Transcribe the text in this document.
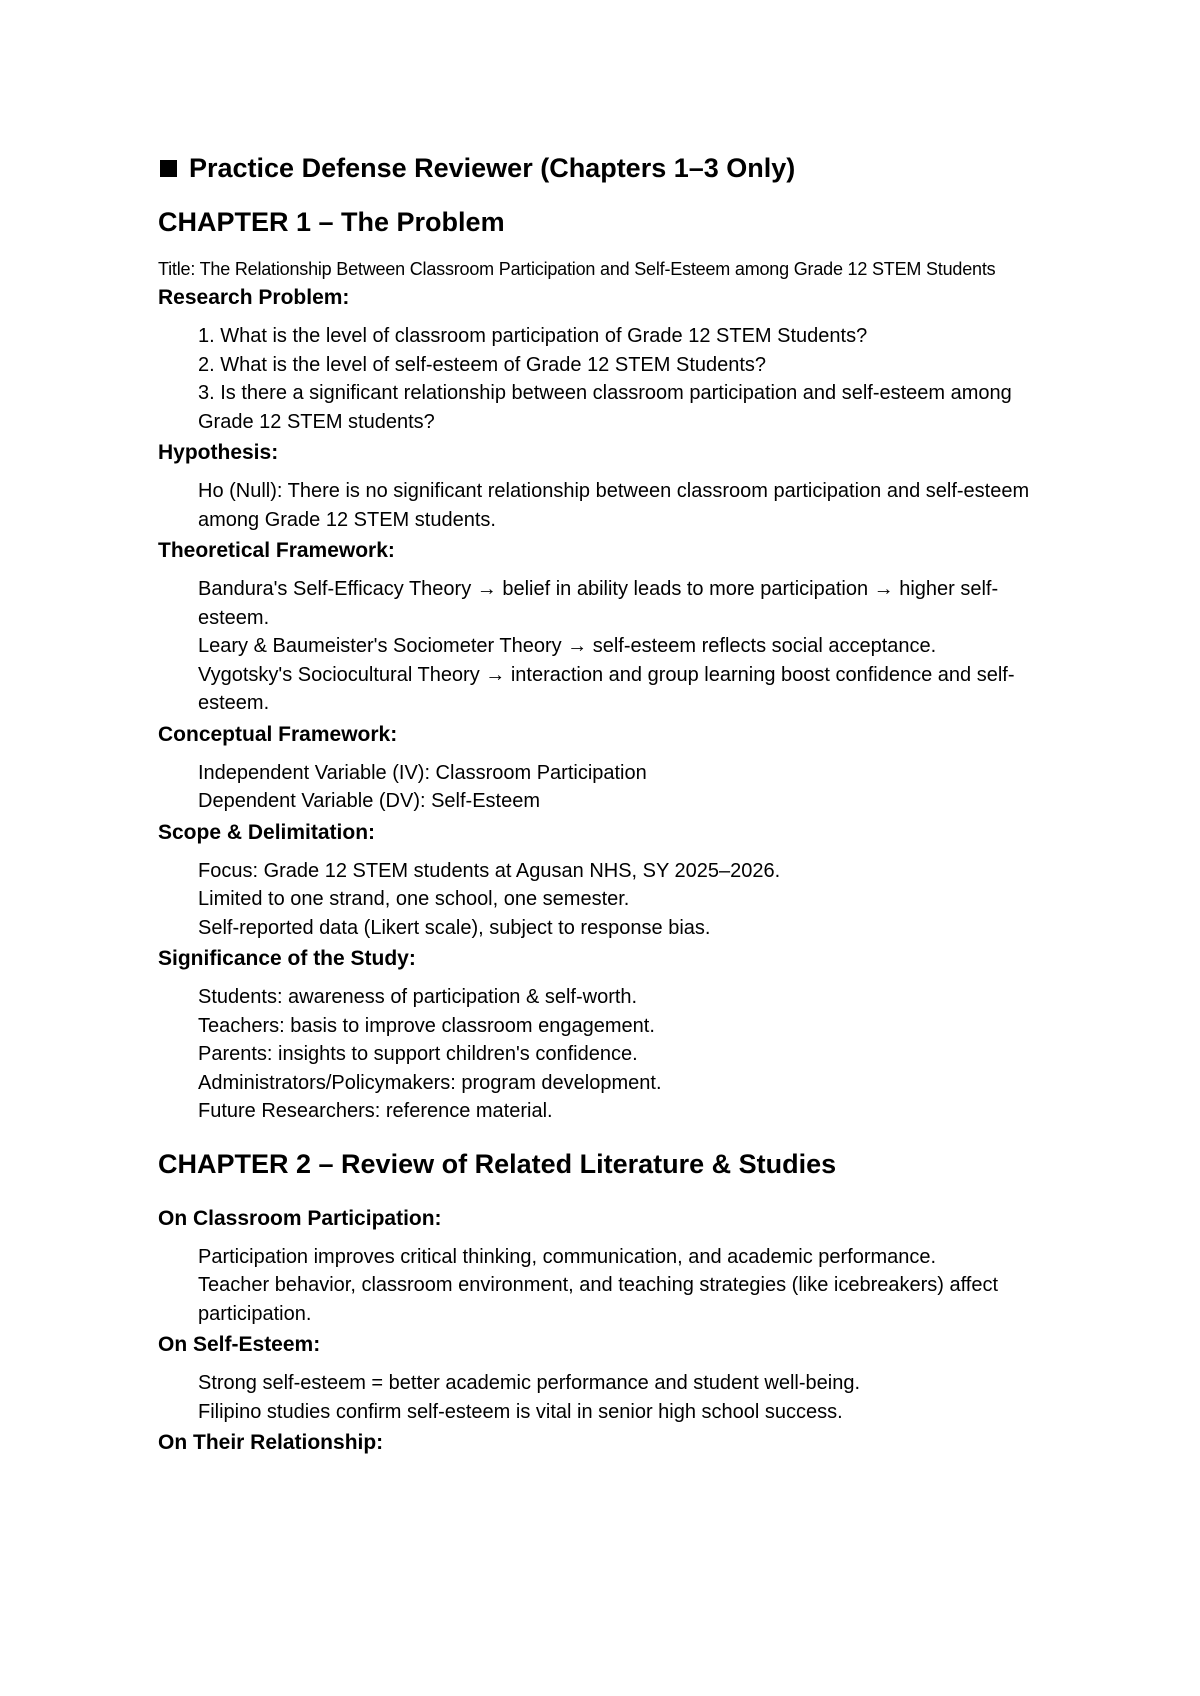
Practice Defense Reviewer (Chapters 1–3 Only)
CHAPTER 1 – The Problem

Title: The Relationship Between Classroom Participation and Self-Esteem among Grade 12 STEM Students

Research Problem:

1. What is the level of classroom participation of Grade 12 STEM Students?

2. What is the level of self-esteem of Grade 12 STEM Students?

3. Is there a significant relationship between classroom participation and self-esteem among Grade 12 STEM students?

Hypothesis:

Ho (Null): There is no significant relationship between classroom participation and self-esteem among Grade 12 STEM students.

Theoretical Framework:

Bandura's Self-Efficacy Theory → belief in ability leads to more participation → higher self-esteem.

Leary & Baumeister's Sociometer Theory → self-esteem reflects social acceptance.

Vygotsky's Sociocultural Theory → interaction and group learning boost confidence and self-esteem.

Conceptual Framework:

Independent Variable (IV): Classroom Participation

Dependent Variable (DV): Self-Esteem

Scope & Delimitation:

Focus: Grade 12 STEM students at Agusan NHS, SY 2025–2026.

Limited to one strand, one school, one semester.

Self-reported data (Likert scale), subject to response bias.

Significance of the Study:

Students: awareness of participation & self-worth.

Teachers: basis to improve classroom engagement.

Parents: insights to support children's confidence.

Administrators/Policymakers: program development.

Future Researchers: reference material.

CHAPTER 2 – Review of Related Literature & Studies
On Classroom Participation:

Participation improves critical thinking, communication, and academic performance.

Teacher behavior, classroom environment, and teaching strategies (like icebreakers) affect participation.

On Self-Esteem:

Strong self-esteem = better academic performance and student well-being.

Filipino studies confirm self-esteem is vital in senior high school success.

On Their Relationship:
